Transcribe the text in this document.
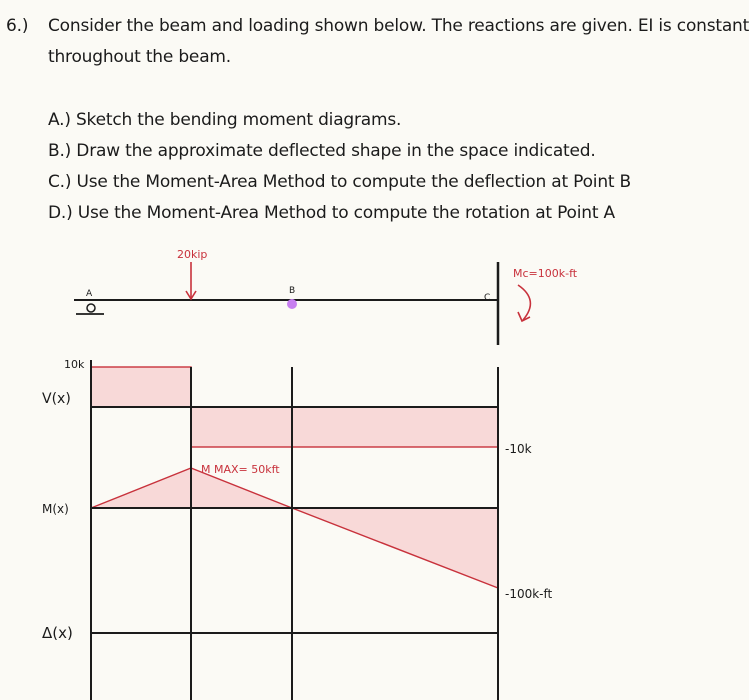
6.) Consider the beam and loading shown below. The reactions are given. EI is constant
throughout the beam.
A.) Sketch the bending moment diagrams.
B.) Draw the approximate deflected shape in the space indicated.
C.) Use the Moment-Area Method to compute the deflection at Point B
D.) Use the Moment-Area Method to compute the rotation at Point A
A
20kip
B
C
Mc=100k-ft
V(x)
10k
-10k
M(x)
M MAX= 50kft
-100k-ft
Δ(x)
